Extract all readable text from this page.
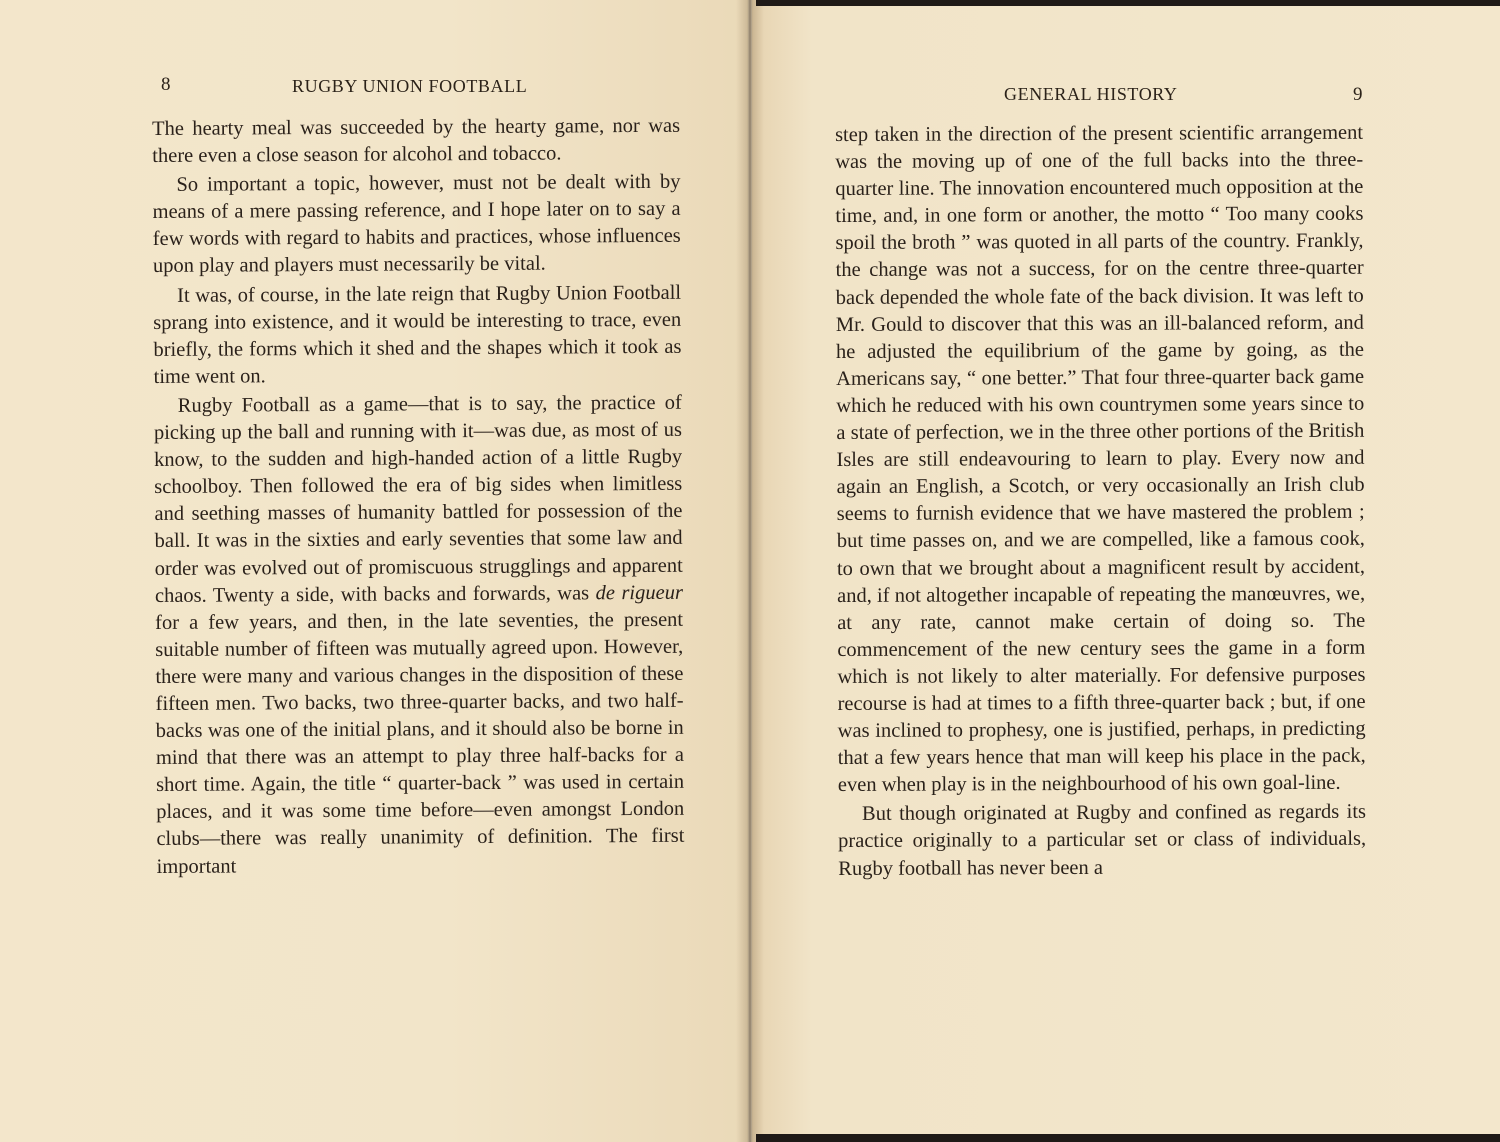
8	RUGBY UNION FOOTBALL

The hearty meal was succeeded by the hearty game, nor was there even a close season for alcohol and tobacco.

So important a topic, however, must not be dealt with by means of a mere passing reference, and I hope later on to say a few words with regard to habits and practices, whose influences upon play and players must necessarily be vital.

It was, of course, in the late reign that Rugby Union Football sprang into existence, and it would be interesting to trace, even briefly, the forms which it shed and the shapes which it took as time went on.

Rugby Football as a game—that is to say, the practice of picking up the ball and running with it—was due, as most of us know, to the sudden and high-handed action of a little Rugby schoolboy. Then followed the era of big sides when limitless and seething masses of humanity battled for possession of the ball. It was in the sixties and early seventies that some law and order was evolved out of promiscuous strugglings and apparent chaos. Twenty a side, with backs and forwards, was de rigueur for a few years, and then, in the late seventies, the present suitable number of fifteen was mutually agreed upon. However, there were many and various changes in the disposition of these fifteen men. Two backs, two three-quarter backs, and two half-backs was one of the initial plans, and it should also be borne in mind that there was an attempt to play three half-backs for a short time. Again, the title “ quarter-back ” was used in certain places, and it was some time before—even amongst London clubs—there was really unanimity of definition. The first important

GENERAL HISTORY	9

step taken in the direction of the present scientific arrangement was the moving up of one of the full backs into the three-quarter line. The innovation encountered much opposition at the time, and, in one form or another, the motto “ Too many cooks spoil the broth ” was quoted in all parts of the country. Frankly, the change was not a success, for on the centre three-quarter back depended the whole fate of the back division. It was left to Mr. Gould to discover that this was an ill-balanced reform, and he adjusted the equilibrium of the game by going, as the Americans say, “ one better.” That four three-quarter back game which he reduced with his own countrymen some years since to a state of perfection, we in the three other portions of the British Isles are still endeavouring to learn to play. Every now and again an English, a Scotch, or very occasionally an Irish club seems to furnish evidence that we have mastered the problem ; but time passes on, and we are compelled, like a famous cook, to own that we brought about a magnificent result by accident, and, if not altogether incapable of repeating the manœuvres, we, at any rate, cannot make certain of doing so. The commencement of the new century sees the game in a form which is not likely to alter materially. For defensive purposes recourse is had at times to a fifth three-quarter back ; but, if one was inclined to prophesy, one is justified, perhaps, in predicting that a few years hence that man will keep his place in the pack, even when play is in the neighbourhood of his own goal-line.

But though originated at Rugby and confined as regards its practice originally to a particular set or class of individuals, Rugby football has never been a
